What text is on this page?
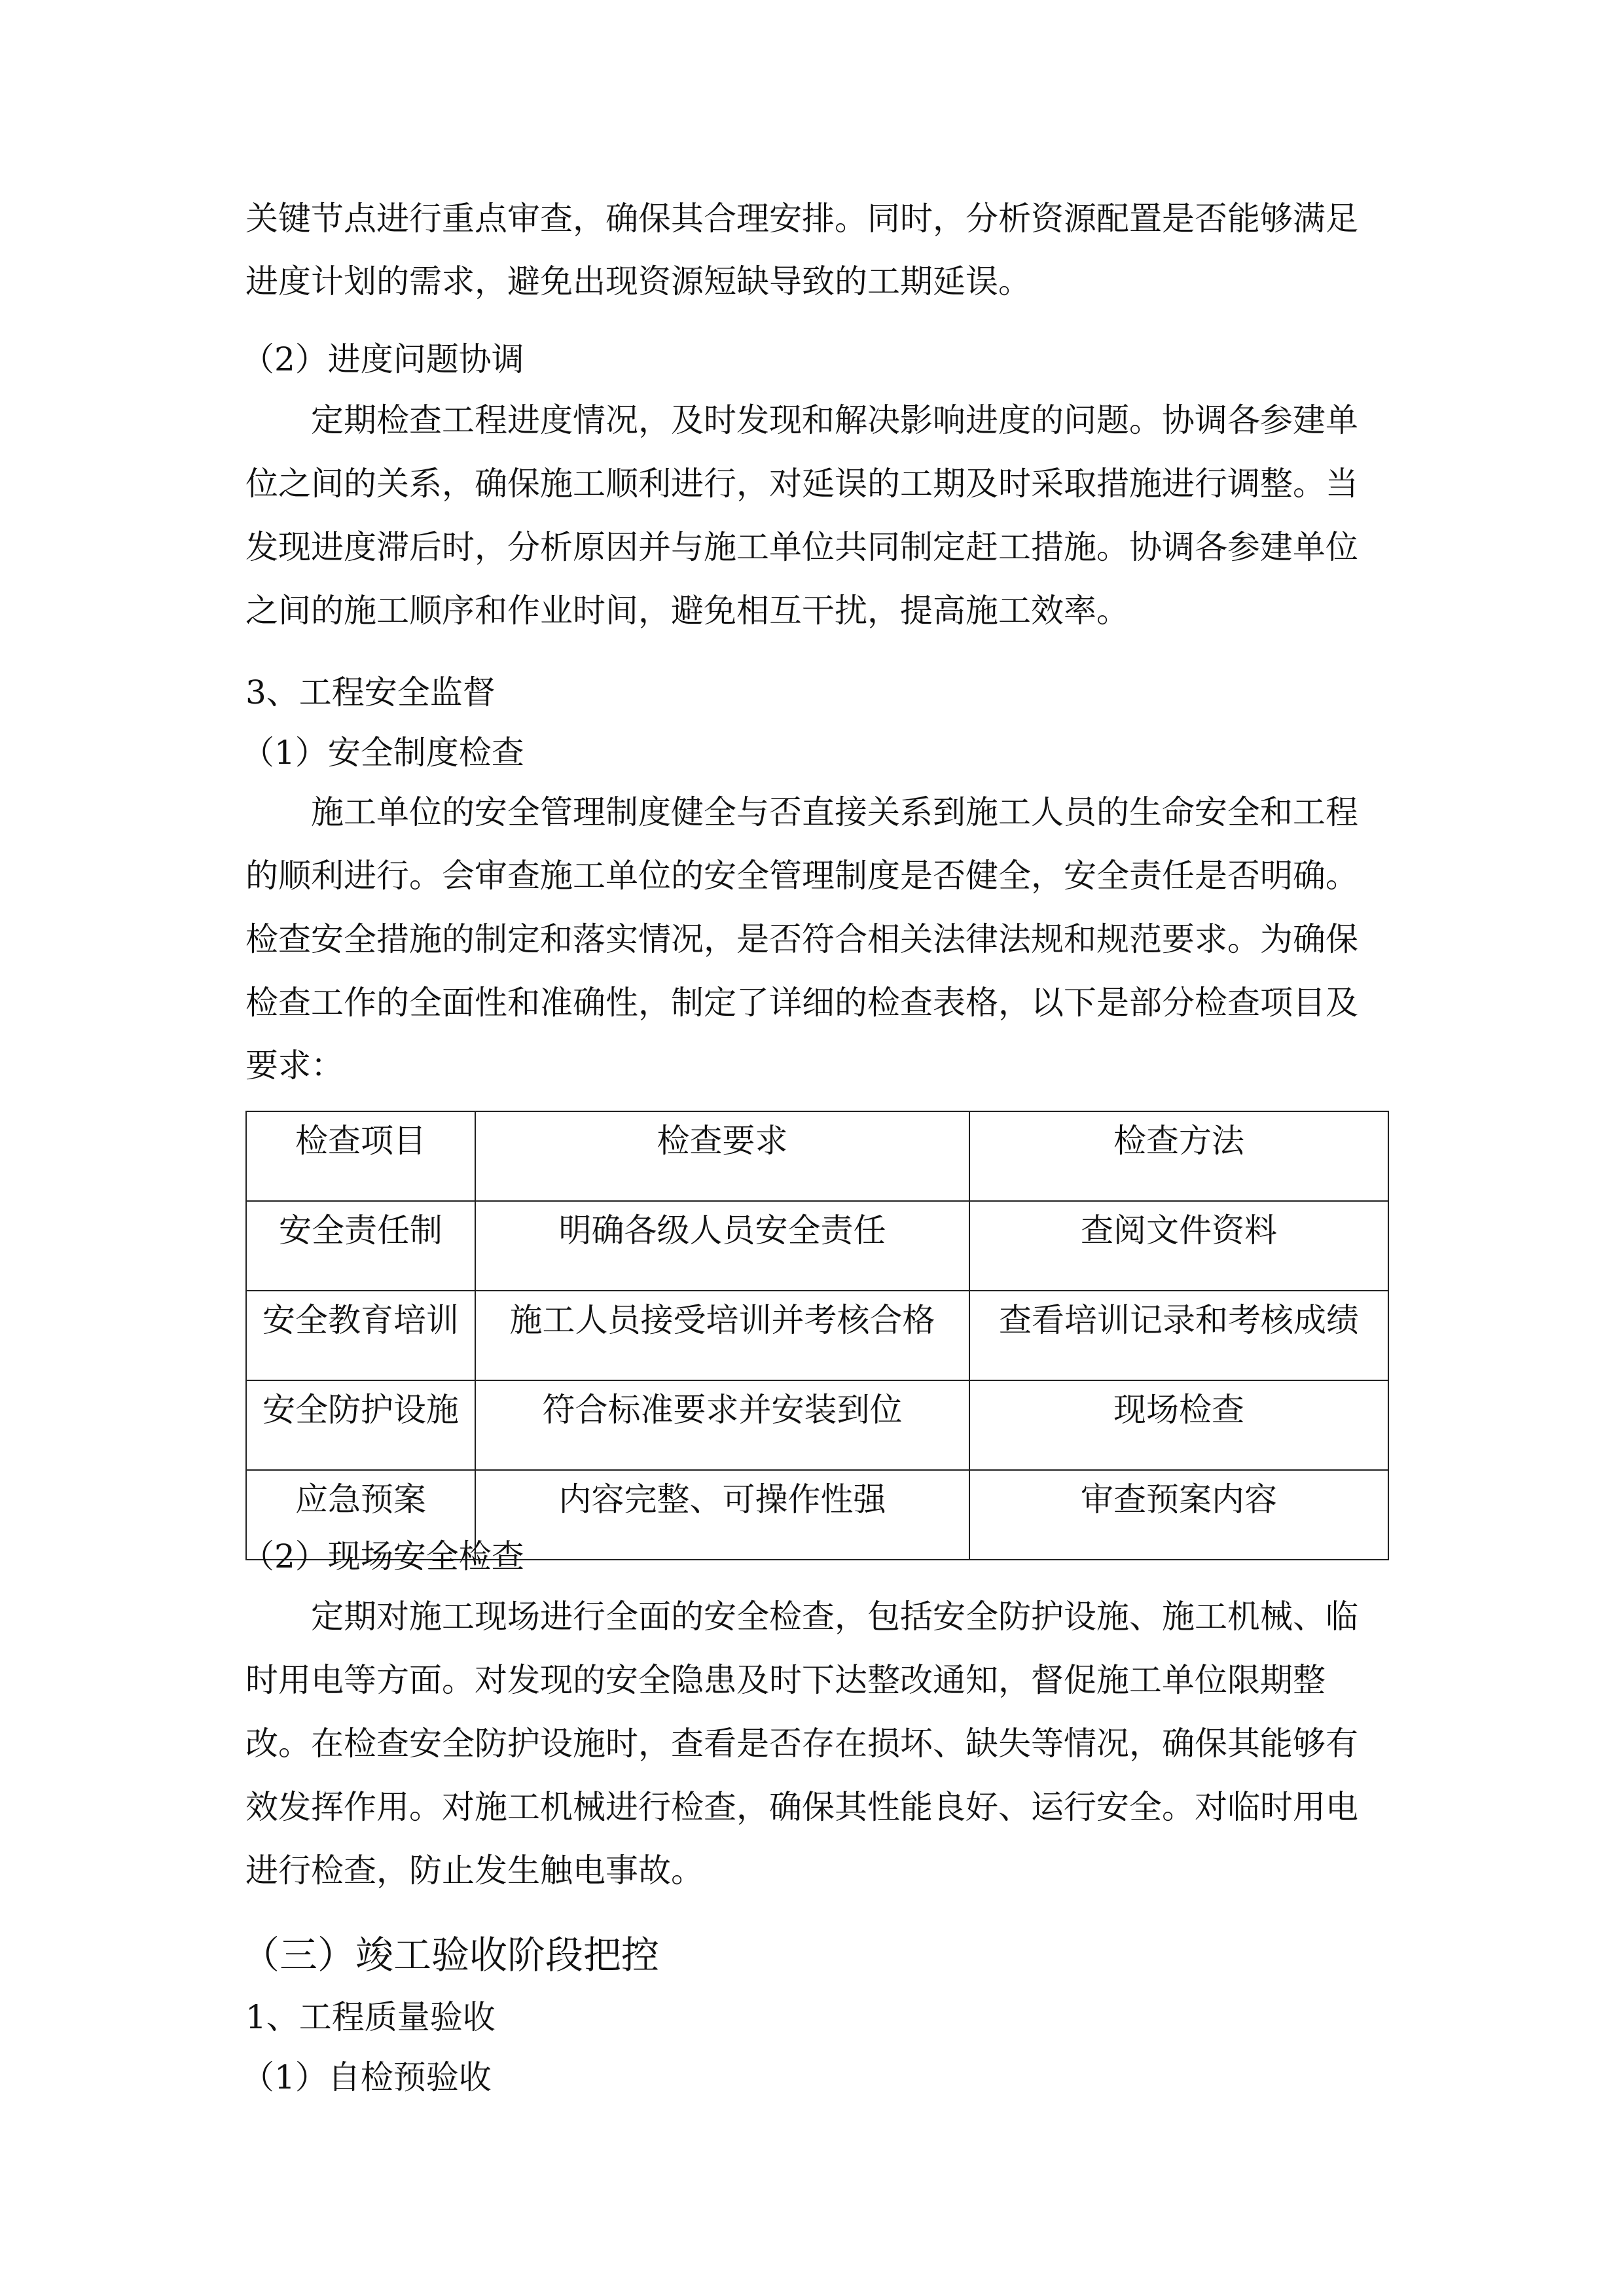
关键节点进行重点审查，确保其合理安排。同时，分析资源配置是否能够满足
进度计划的需求，避免出现资源短缺导致的工期延误。
（2）进度问题协调
定期检查工程进度情况，及时发现和解决影响进度的问题。协调各参建单
位之间的关系，确保施工顺利进行，对延误的工期及时采取措施进行调整。当
发现进度滞后时，分析原因并与施工单位共同制定赶工措施。协调各参建单位
之间的施工顺序和作业时间，避免相互干扰，提高施工效率。
3、工程安全监督
（1）安全制度检查
施工单位的安全管理制度健全与否直接关系到施工人员的生命安全和工程
的顺利进行。会审查施工单位的安全管理制度是否健全，安全责任是否明确。
检查安全措施的制定和落实情况，是否符合相关法律法规和规范要求。为确保
检查工作的全面性和准确性，制定了详细的检查表格，以下是部分检查项目及
要求：
检查项目	检查要求	检查方法
安全责任制	明确各级人员安全责任	查阅文件资料
安全教育培训	施工人员接受培训并考核合格	查看培训记录和考核成绩
安全防护设施	符合标准要求并安装到位	现场检查
应急预案	内容完整、可操作性强	审查预案内容
（2）现场安全检查
定期对施工现场进行全面的安全检查，包括安全防护设施、施工机械、临
时用电等方面。对发现的安全隐患及时下达整改通知，督促施工单位限期整
改。在检查安全防护设施时，查看是否存在损坏、缺失等情况，确保其能够有
效发挥作用。对施工机械进行检查，确保其性能良好、运行安全。对临时用电
进行检查，防止发生触电事故。
（三）竣工验收阶段把控
1、工程质量验收
（1）自检预验收
